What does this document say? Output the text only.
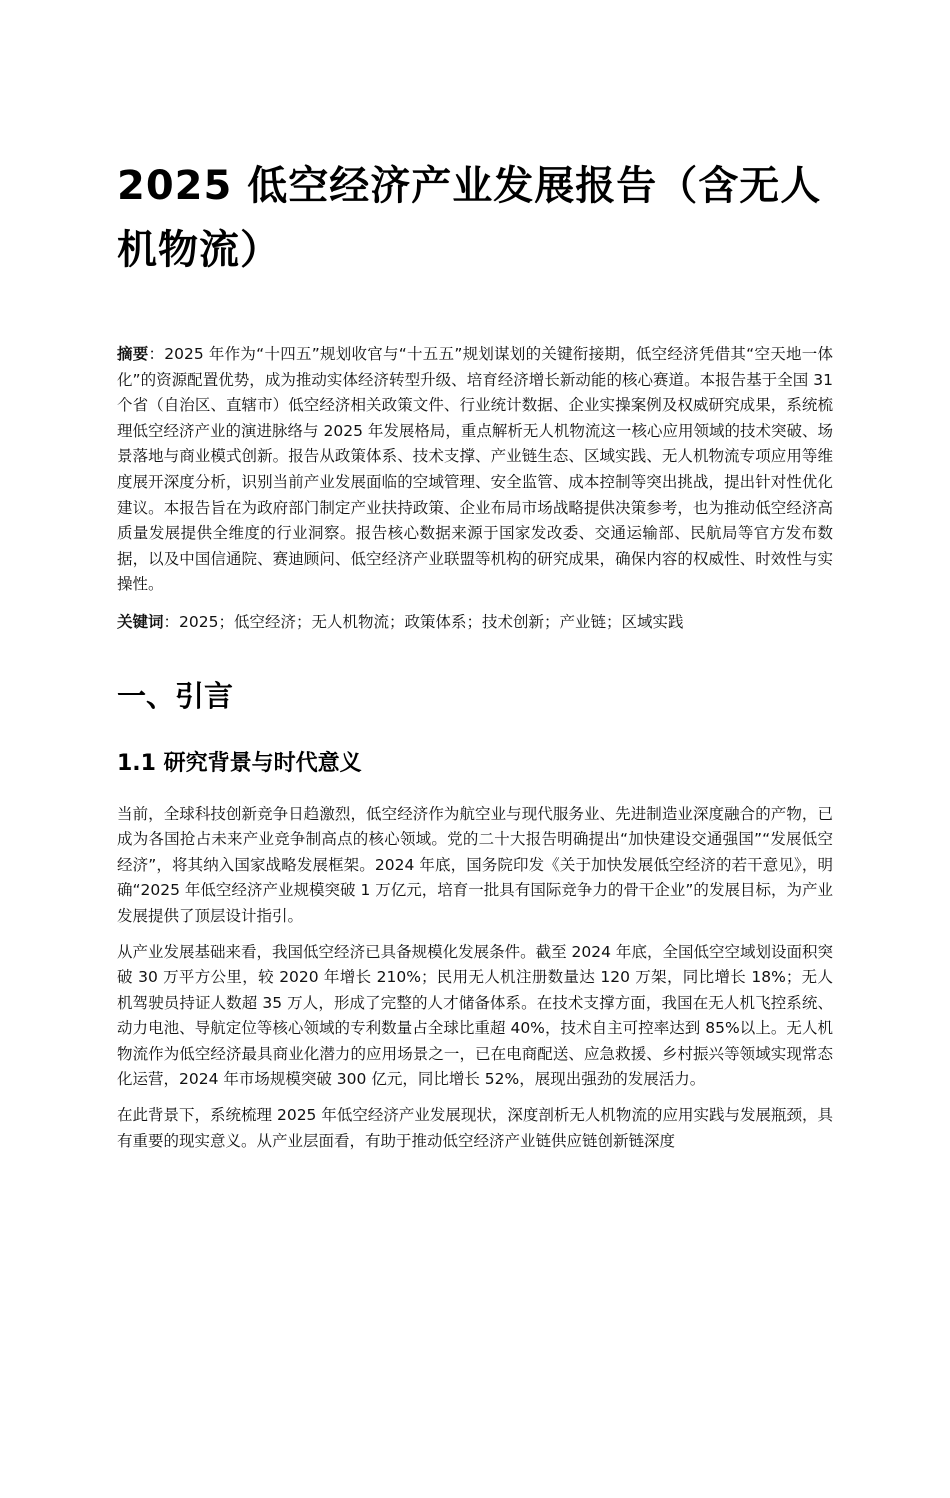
2025 低空经济产业发展报告（含无人机物流）

摘要：2025 年作为“十四五”规划收官与“十五五”规划谋划的关键衔接期，低空经济凭借其“空天地一体化”的资源配置优势，成为推动实体经济转型升级、培育经济增长新动能的核心赛道。本报告基于全国 31 个省（自治区、直辖市）低空经济相关政策文件、行业统计数据、企业实操案例及权威研究成果，系统梳理低空经济产业的演进脉络与 2025 年发展格局，重点解析无人机物流这一核心应用领域的技术突破、场景落地与商业模式创新。报告从政策体系、技术支撑、产业链生态、区域实践、无人机物流专项应用等维度展开深度分析，识别当前产业发展面临的空域管理、安全监管、成本控制等突出挑战，提出针对性优化建议。本报告旨在为政府部门制定产业扶持政策、企业布局市场战略提供决策参考，也为推动低空经济高质量发展提供全维度的行业洞察。报告核心数据来源于国家发改委、交通运输部、民航局等官方发布数据，以及中国信通院、赛迪顾问、低空经济产业联盟等机构的研究成果，确保内容的权威性、时效性与实操性。

关键词：2025；低空经济；无人机物流；政策体系；技术创新；产业链；区域实践

一、引言
1.1 研究背景与时代意义

当前，全球科技创新竞争日趋激烈，低空经济作为航空业与现代服务业、先进制造业深度融合的产物，已成为各国抢占未来产业竞争制高点的核心领域。党的二十大报告明确提出“加快建设交通强国”“发展低空经济”，将其纳入国家战略发展框架。2024 年底，国务院印发《关于加快发展低空经济的若干意见》，明确“2025 年低空经济产业规模突破 1 万亿元，培育一批具有国际竞争力的骨干企业”的发展目标，为产业发展提供了顶层设计指引。

从产业发展基础来看，我国低空经济已具备规模化发展条件。截至 2024 年底，全国低空空域划设面积突破 30 万平方公里，较 2020 年增长 210%；民用无人机注册数量达 120 万架，同比增长 18%；无人机驾驶员持证人数超 35 万人，形成了完整的人才储备体系。在技术支撑方面，我国在无人机飞控系统、动力电池、导航定位等核心领域的专利数量占全球比重超 40%，技术自主可控率达到 85%以上。无人机物流作为低空经济最具商业化潜力的应用场景之一，已在电商配送、应急救援、乡村振兴等领域实现常态化运营，2024 年市场规模突破 300 亿元，同比增长 52%，展现出强劲的发展活力。

在此背景下，系统梳理 2025 年低空经济产业发展现状，深度剖析无人机物流的应用实践与发展瓶颈，具有重要的现实意义。从产业层面看，有助于推动低空经济产业链供应链创新链深度
